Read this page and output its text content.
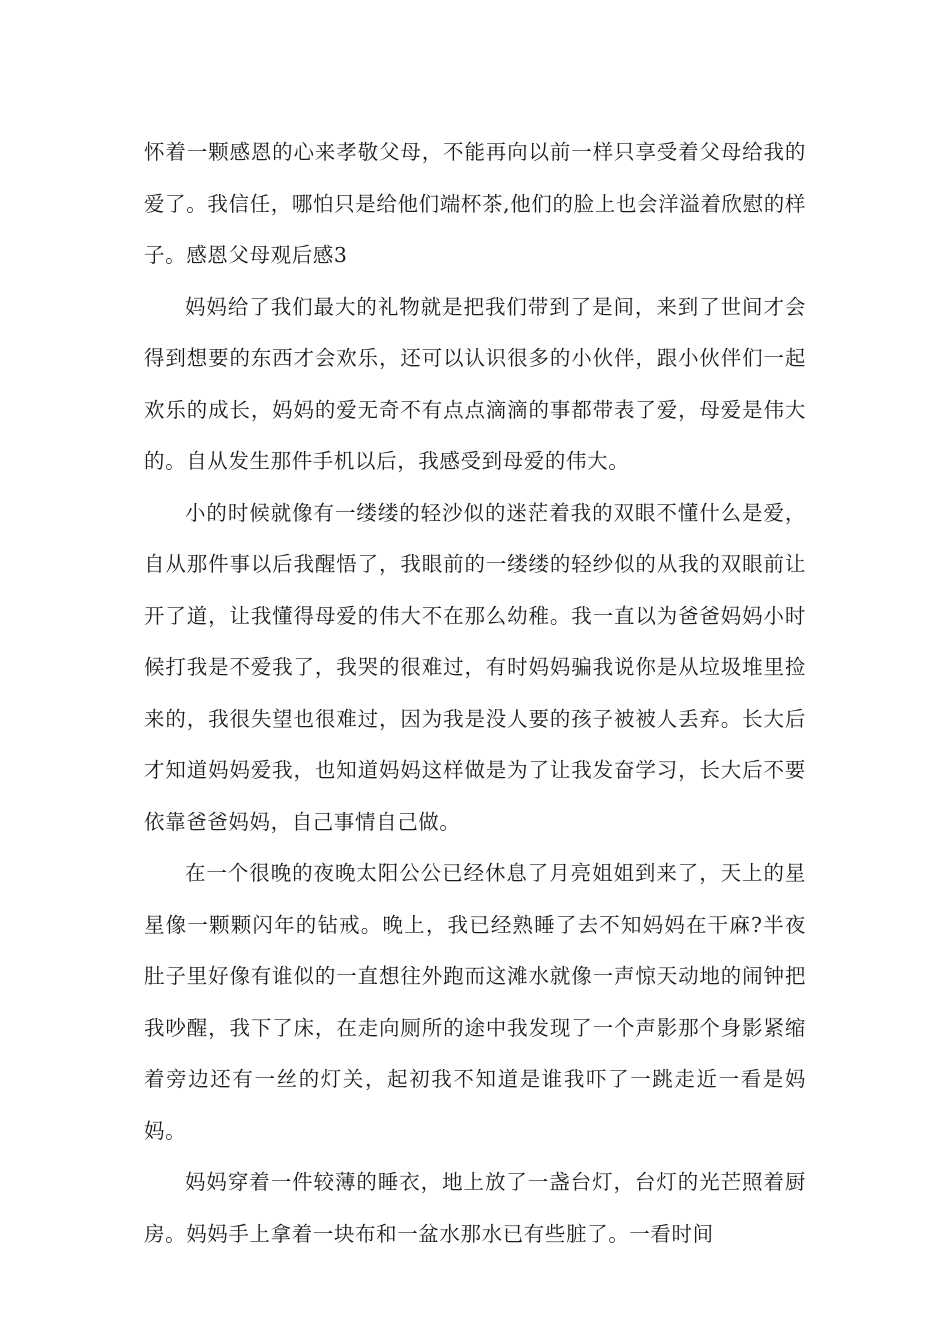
怀着一颗感恩的心来孝敬父母，不能再向以前一样只享受着父母给我的爱了。我信任，哪怕只是给他们端杯茶,他们的脸上也会洋溢着欣慰的样子。感恩父母观后感3

妈妈给了我们最大的礼物就是把我们带到了是间，来到了世间才会得到想要的东西才会欢乐，还可以认识很多的小伙伴，跟小伙伴们一起欢乐的成长，妈妈的爱无奇不有点点滴滴的事都带表了爱，母爱是伟大的。自从发生那件手机以后，我感受到母爱的伟大。

小的时候就像有一缕缕的轻沙似的迷茫着我的双眼不懂什么是爱，自从那件事以后我醒悟了，我眼前的一缕缕的轻纱似的从我的双眼前让开了道，让我懂得母爱的伟大不在那么幼稚。我一直以为爸爸妈妈小时候打我是不爱我了，我哭的很难过，有时妈妈骗我说你是从垃圾堆里捡来的，我很失望也很难过，因为我是没人要的孩子被被人丢弃。长大后才知道妈妈爱我，也知道妈妈这样做是为了让我发奋学习，长大后不要依靠爸爸妈妈，自己事情自己做。

在一个很晚的夜晚太阳公公已经休息了月亮姐姐到来了，天上的星星像一颗颗闪年的钻戒。晚上，我已经熟睡了去不知妈妈在干麻?半夜肚子里好像有谁似的一直想往外跑而这滩水就像一声惊天动地的闹钟把我吵醒，我下了床，在走向厕所的途中我发现了一个声影那个身影紧缩着旁边还有一丝的灯关，起初我不知道是谁我吓了一跳走近一看是妈妈。

妈妈穿着一件较薄的睡衣，地上放了一盏台灯，台灯的光芒照着厨房。妈妈手上拿着一块布和一盆水那水已有些脏了。一看时间
